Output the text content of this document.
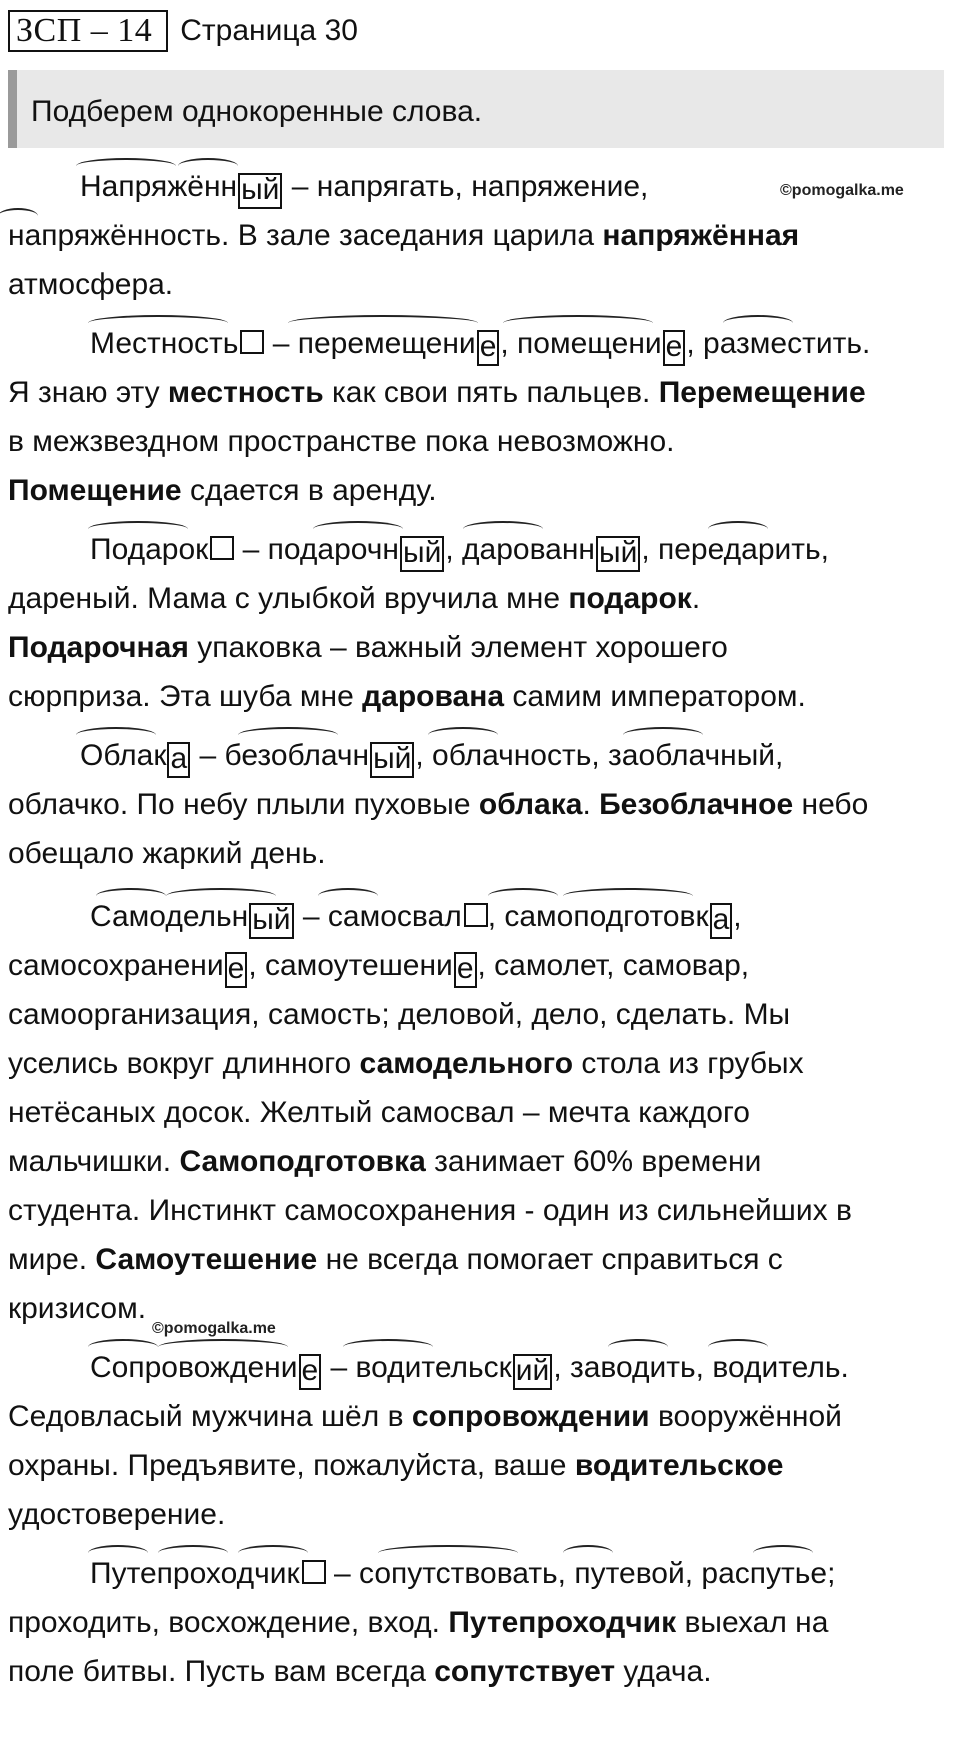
ЗСП – 14 Страница 30
Подберем однокоренные слова.
©pomogalka.me
©pomogalka.me
Напряжённ ый – напрягать, напряжение,
напряжённость. В зале заседания царила напряжённая
атмосфера.
Местность – перемещени е , помещени е , разместить.
Я знаю эту местность как свои пять пальцев. Перемещение
в межзвездном пространстве пока невозможно.
Помещение сдается в аренду.
Подарок – подарочн ый , дарованн ый , передарить,
дареный. Мама с улыбкой вручила мне подарок.
Подарочная упаковка – важный элемент хорошего
сюрприза. Эта шуба мне дарована самим императором.
Облак а – безоблачн ый , облачность, заоблачный,
облачко. По небу плыли пуховые облака. Безоблачное небо
обещало жаркий день.
Самодельн ый – самосвал , самоподготовк а ,
самосохранени е , самоутешени е , самолет, самовар,
самоорганизация, самость; деловой, дело, сделать. Мы
уселись вокруг длинного самодельного стола из грубых
нетёсаных досок. Желтый самосвал – мечта каждого
мальчишки. Самоподготовка занимает 60% времени
студента. Инстинкт самосохранения - один из сильнейших в
мире. Самоутешение не всегда помогает справиться с
кризисом.
Сопровождени е – водительск ий , заводить, водитель.
Седовласый мужчина шёл в сопровождении вооружённой
охраны. Предъявите, пожалуйста, ваше водительское
удостоверение.
Путепроходчик – сопутствовать, путевой, распутье;
проходить, восхождение, вход. Путепроходчик выехал на
поле битвы. Пусть вам всегда сопутствует удача.
